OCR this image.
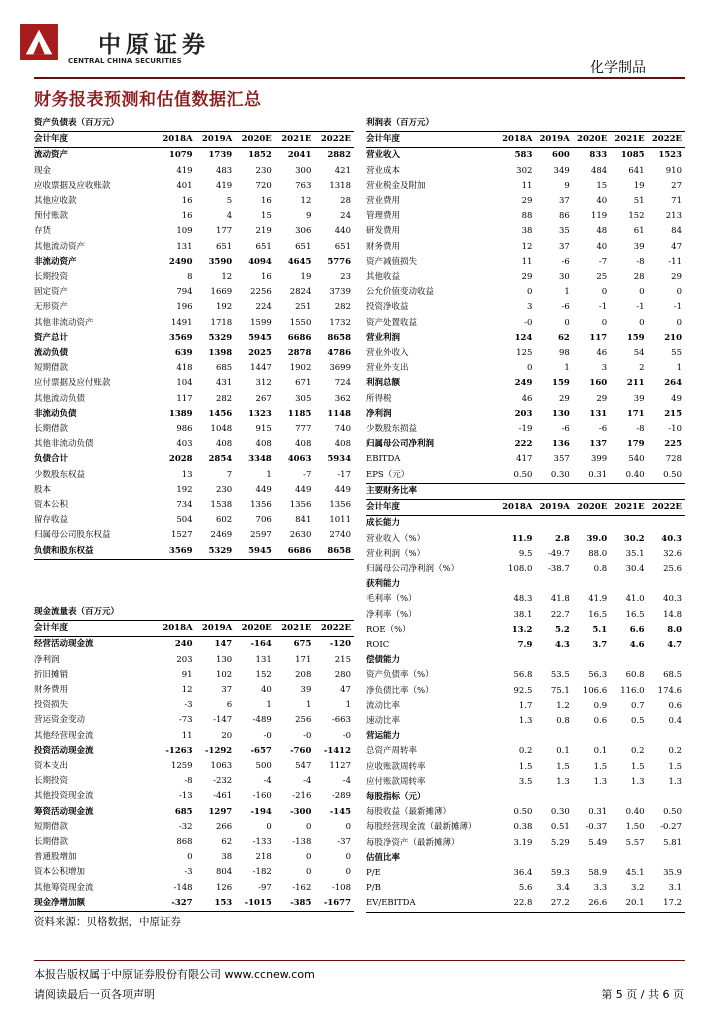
中原证券
CENTRAL CHINA SECURITIES	化学制品
财务报表预测和估值数据汇总
资产负债表（百万元）					
会计年度	2018A	2019A	2020E	2021E	2022E
流动资产	1079	1739	1852	2041	2882
现金	419	483	230	300	421
应收票据及应收账款	401	419	720	763	1318
其他应收款	16	5	16	12	28
预付账款	16	4	15	9	24
存货	109	177	219	306	440
其他流动资产	131	651	651	651	651
非流动资产	2490	3590	4094	4645	5776
长期投资	8	12	16	19	23
固定资产	794	1669	2256	2824	3739
无形资产	196	192	224	251	282
其他非流动资产	1491	1718	1599	1550	1732
资产总计	3569	5329	5945	6686	8658
流动负债	639	1398	2025	2878	4786
短期借款	418	685	1447	1902	3699
应付票据及应付账款	104	431	312	671	724
其他流动负债	117	282	267	305	362
非流动负债	1389	1456	1323	1185	1148
长期借款	986	1048	915	777	740
其他非流动负债	403	408	408	408	408
负债合计	2028	2854	3348	4063	5934
少数股东权益	13	7	1	-7	-17
股本	192	230	449	449	449
资本公积	734	1538	1356	1356	1356
留存收益	504	602	706	841	1011
归属母公司股东权益	1527	2469	2597	2630	2740
负债和股东权益	3569	5329	5945	6686	8658
利润表（百万元）					
会计年度	2018A	2019A	2020E	2021E	2022E
营业收入	583	600	833	1085	1523
营业成本	302	349	484	641	910
营业税金及附加	11	9	15	19	27
营业费用	29	37	40	51	71
管理费用	88	86	119	152	213
研发费用	38	35	48	61	84
财务费用	12	37	40	39	47
资产减值损失	11	-6	-7	-8	-11
其他收益	29	30	25	28	29
公允价值变动收益	0	1	0	0	0
投资净收益	3	-6	-1	-1	-1
资产处置收益	-0	0	0	0	0
营业利润	124	62	117	159	210
营业外收入	125	98	46	54	55
营业外支出	0	1	3	2	1
利润总额	249	159	160	211	264
所得税	46	29	29	39	49
净利润	203	130	131	171	215
少数股东损益	-19	-6	-6	-8	-10
归属母公司净利润	222	136	137	179	225
EBITDA	417	357	399	540	728
EPS（元）	0.50	0.30	0.31	0.40	0.50
主要财务比率					
会计年度	2018A	2019A	2020E	2021E	2022E
成长能力					
营业收入（%）	11.9	2.8	39.0	30.2	40.3
营业利润（%）	9.5	-49.7	88.0	35.1	32.6
归属母公司净利润（%）	108.0	-38.7	0.8	30.4	25.6
获利能力					
毛利率（%）	48.3	41.8	41.9	41.0	40.3
净利率（%）	38.1	22.7	16.5	16.5	14.8
ROE（%）	13.2	5.2	5.1	6.6	8.0
ROIC	7.9	4.3	3.7	4.6	4.7
偿债能力					
资产负债率（%）	56.8	53.5	56.3	60.8	68.5
净负债比率（%）	92.5	75.1	106.6	116.0	174.6
流动比率	1.7	1.2	0.9	0.7	0.6
速动比率	1.3	0.8	0.6	0.5	0.4
营运能力					
总资产周转率	0.2	0.1	0.1	0.2	0.2
应收账款周转率	1.5	1.5	1.5	1.5	1.5
应付账款周转率	3.5	1.3	1.3	1.3	1.3
每股指标（元）					
每股收益（最新摊薄）	0.50	0.30	0.31	0.40	0.50
每股经营现金流（最新摊薄）	0.38	0.51	-0.37	1.50	-0.27
每股净资产（最新摊薄）	3.19	5.29	5.49	5.57	5.81
估值比率					
P/E	36.4	59.3	58.9	45.1	35.9
P/B	5.6	3.4	3.3	3.2	3.1
EV/EBITDA	22.8	27.2	26.6	20.1	17.2
现金流量表（百万元）					
会计年度	2018A	2019A	2020E	2021E	2022E
经营活动现金流	240	147	-164	675	-120
净利润	203	130	131	171	215
折旧摊销	91	102	152	208	280
财务费用	12	37	40	39	47
投资损失	-3	6	1	1	1
营运资金变动	-73	-147	-489	256	-663
其他经营现金流	11	20	-0	-0	-0
投资活动现金流	-1263	-1292	-657	-760	-1412
资本支出	1259	1063	500	547	1127
长期投资	-8	-232	-4	-4	-4
其他投资现金流	-13	-461	-160	-216	-289
筹资活动现金流	685	1297	-194	-300	-145
短期借款	-32	266	0	0	0
长期借款	868	62	-133	-138	-37
普通股增加	0	38	218	0	0
资本公积增加	-3	804	-182	0	0
其他筹资现金流	-148	126	-97	-162	-108
现金净增加额	-327	153	-1015	-385	-1677
资料来源：贝格数据，中原证券
本报告版权属于中原证券股份有限公司 www.ccnew.com
请阅读最后一页各项声明	第 5 页 / 共 6 页
